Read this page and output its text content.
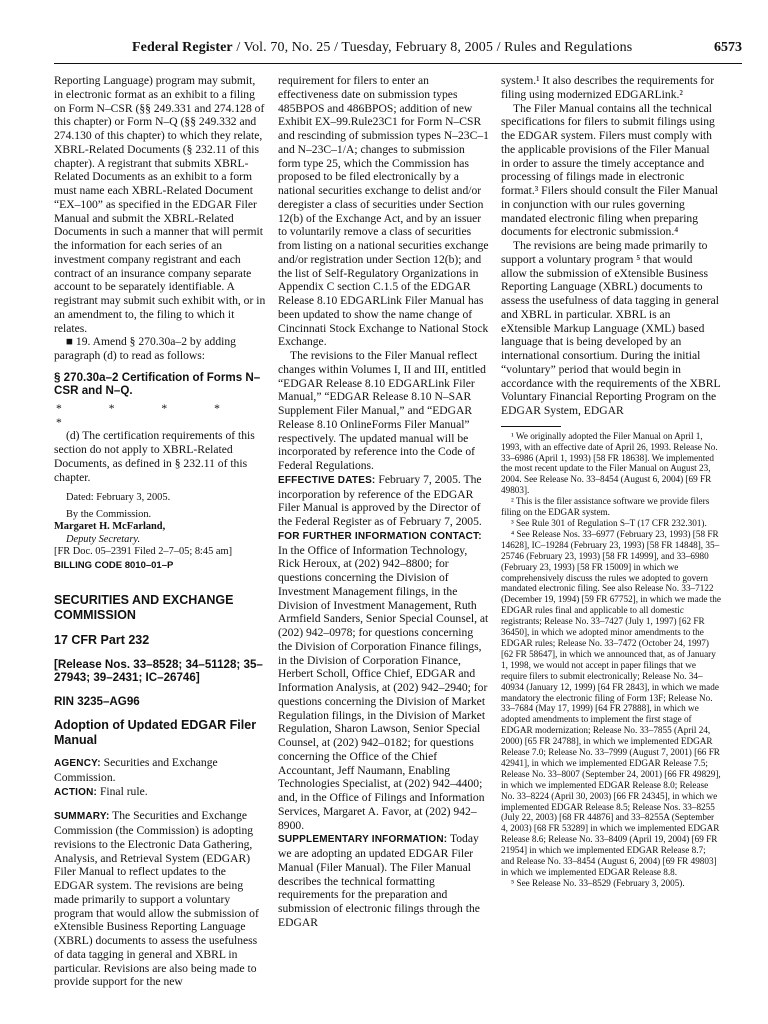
Federal Register / Vol. 70, No. 25 / Tuesday, February 8, 2005 / Rules and Regulations	6573

Reporting Language) program may submit, in electronic format as an exhibit to a filing on Form N–CSR (§§ 249.331 and 274.128 of this chapter) or Form N–Q (§§ 249.332 and 274.130 of this chapter) to which they relate, XBRL-Related Documents (§ 232.11 of this chapter). A registrant that submits XBRL-Related Documents as an exhibit to a form must name each XBRL-Related Document “EX–100” as specified in the EDGAR Filer Manual and submit the XBRL-Related Documents in such a manner that will permit the information for each series of an investment company registrant and each contract of an insurance company separate account to be separately identifiable. A registrant may submit such exhibit with, or in an amendment to, the filing to which it relates.

■ 19. Amend § 270.30a–2 by adding paragraph (d) to read as follows:

§ 270.30a–2 Certification of Forms N–CSR and N–Q.

* * * * *

(d) The certification requirements of this section do not apply to XBRL-Related Documents, as defined in § 232.11 of this chapter.

Dated: February 3, 2005.

By the Commission.

Margaret H. McFarland,

Deputy Secretary.

[FR Doc. 05–2391 Filed 2–7–05; 8:45 am]

BILLING CODE 8010–01–P

SECURITIES AND EXCHANGE COMMISSION

17 CFR Part 232

[Release Nos. 33–8528; 34–51128; 35–27943; 39–2431; IC–26746]

RIN 3235–AG96

Adoption of Updated EDGAR Filer Manual

AGENCY: Securities and Exchange Commission.

ACTION: Final rule.

SUMMARY: The Securities and Exchange Commission (the Commission) is adopting revisions to the Electronic Data Gathering, Analysis, and Retrieval System (EDGAR) Filer Manual to reflect updates to the EDGAR system. The revisions are being made primarily to support a voluntary program that would allow the submission of eXtensible Business Reporting Language (XBRL) documents to assess the usefulness of data tagging in general and XBRL in particular. Revisions are also being made to provide support for the new

requirement for filers to enter an effectiveness date on submission types 485BPOS and 486BPOS; addition of new Exhibit EX–99.Rule23C1 for Form N–CSR and rescinding of submission types N–23C–1 and N–23C–1/A; changes to submission form type 25, which the Commission has proposed to be filed electronically by a national securities exchange to delist and/or deregister a class of securities under Section 12(b) of the Exchange Act, and by an issuer to voluntarily remove a class of securities from listing on a national securities exchange and/or registration under Section 12(b); and the list of Self-Regulatory Organizations in Appendix C section C.1.5 of the EDGAR Release 8.10 EDGARLink Filer Manual has been updated to show the name change of Cincinnati Stock Exchange to National Stock Exchange.

The revisions to the Filer Manual reflect changes within Volumes I, II and III, entitled “EDGAR Release 8.10 EDGARLink Filer Manual,” “EDGAR Release 8.10 N–SAR Supplement Filer Manual,” and “EDGAR Release 8.10 OnlineForms Filer Manual” respectively. The updated manual will be incorporated by reference into the Code of Federal Regulations.

EFFECTIVE DATES: February 7, 2005. The incorporation by reference of the EDGAR Filer Manual is approved by the Director of the Federal Register as of February 7, 2005.

FOR FURTHER INFORMATION CONTACT: In the Office of Information Technology, Rick Heroux, at (202) 942–8800; for questions concerning the Division of Investment Management filings, in the Division of Investment Management, Ruth Armfield Sanders, Senior Special Counsel, at (202) 942–0978; for questions concerning the Division of Corporation Finance filings, in the Division of Corporation Finance, Herbert Scholl, Office Chief, EDGAR and Information Analysis, at (202) 942–2940; for questions concerning the Division of Market Regulation filings, in the Division of Market Regulation, Sharon Lawson, Senior Special Counsel, at (202) 942–0182; for questions concerning the Office of the Chief Accountant, Jeff Naumann, Enabling Technologies Specialist, at (202) 942–4400; and, in the Office of Filings and Information Services, Margaret A. Favor, at (202) 942–8900.

SUPPLEMENTARY INFORMATION: Today we are adopting an updated EDGAR Filer Manual (Filer Manual). The Filer Manual describes the technical formatting requirements for the preparation and submission of electronic filings through the EDGAR

system.¹ It also describes the requirements for filing using modernized EDGARLink.²

The Filer Manual contains all the technical specifications for filers to submit filings using the EDGAR system. Filers must comply with the applicable provisions of the Filer Manual in order to assure the timely acceptance and processing of filings made in electronic format.³ Filers should consult the Filer Manual in conjunction with our rules governing mandated electronic filing when preparing documents for electronic submission.⁴

The revisions are being made primarily to support a voluntary program ⁵ that would allow the submission of eXtensible Business Reporting Language (XBRL) documents to assess the usefulness of data tagging in general and XBRL in particular. XBRL is an eXtensible Markup Language (XML) based language that is being developed by an international consortium. During the initial “voluntary” period that would begin in accordance with the requirements of the XBRL Voluntary Financial Reporting Program on the EDGAR System, EDGAR

¹ We originally adopted the Filer Manual on April 1, 1993, with an effective date of April 26, 1993. Release No. 33–6986 (April 1, 1993) [58 FR 18638]. We implemented the most recent update to the Filer Manual on August 23, 2004. See Release No. 33–8454 (August 6, 2004) [69 FR 49803].

² This is the filer assistance software we provide filers filing on the EDGAR system.

³ See Rule 301 of Regulation S–T (17 CFR 232.301).

⁴ See Release Nos. 33–6977 (February 23, 1993) [58 FR 14628], IC–19284 (February 23, 1993) [58 FR 14848], 35–25746 (February 23, 1993) [58 FR 14999], and 33–6980 (February 23, 1993) [58 FR 15009] in which we comprehensively discuss the rules we adopted to govern mandated electronic filing. See also Release No. 33–7122 (December 19, 1994) [59 FR 67752], in which we made the EDGAR rules final and applicable to all domestic registrants; Release No. 33–7427 (July 1, 1997) [62 FR 36450], in which we adopted minor amendments to the EDGAR rules; Release No. 33–7472 (October 24, 1997) [62 FR 58647], in which we announced that, as of January 1, 1998, we would not accept in paper filings that we require filers to submit electronically; Release No. 34–40934 (January 12, 1999) [64 FR 2843], in which we made mandatory the electronic filing of Form 13F; Release No. 33–7684 (May 17, 1999) [64 FR 27888], in which we adopted amendments to implement the first stage of EDGAR modernization; Release No. 33–7855 (April 24, 2000) [65 FR 24788], in which we implemented EDGAR Release 7.0; Release No. 33–7999 (August 7, 2001) [66 FR 42941], in which we implemented EDGAR Release 7.5; Release No. 33–8007 (September 24, 2001) [66 FR 49829], in which we implemented EDGAR Release 8.0; Release No. 33–8224 (April 30, 2003) [66 FR 24345], in which we implemented EDGAR Release 8.5; Release Nos. 33–8255 (July 22, 2003) [68 FR 44876] and 33–8255A (September 4, 2003) [68 FR 53289] in which we implemented EDGAR Release 8.6; Release No. 33–8409 (April 19, 2004) [69 FR 21954] in which we implemented EDGAR Release 8.7; and Release No. 33–8454 (August 6, 2004) [69 FR 49803] in which we implemented EDGAR Release 8.8.

⁵ See Release No. 33–8529 (February 3, 2005).
